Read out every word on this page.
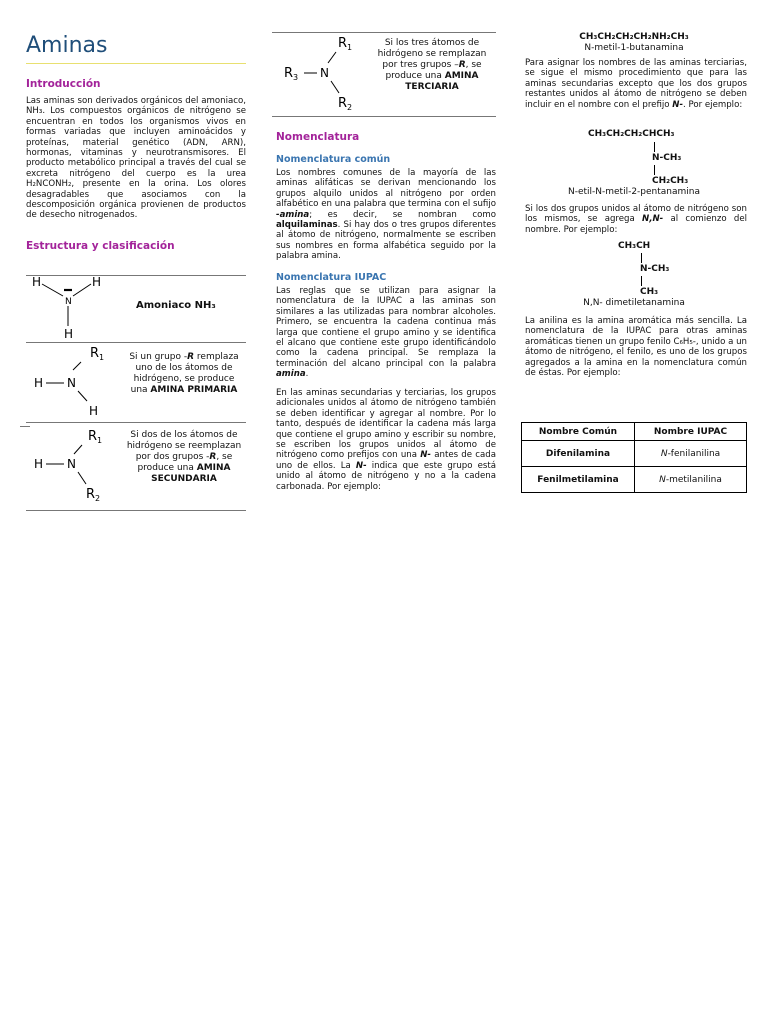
Aminas
Introducción

Las aminas son derivados orgánicos del amoniaco, NH₃. Los compuestos orgánicos de nitrógeno se encuentran en todos los organismos vivos en formas variadas que incluyen aminoácidos y proteínas, material genético (ADN, ARN), hormonas, vitaminas y neurotransmisores. El producto metabólico principal a través del cual se excreta nitrógeno del cuerpo es la urea H₂NCONH₂, presente en la orina. Los olores desagradables que asociamos con la descomposición orgánica provienen de productos de desecho nitrogenados.

Estructura y clasificación
H	H
N
H
Amoniaco NH₃
$R_1$
H N
H
Si un grupo -R remplaza uno de los átomos de hidrógeno, se produce una AMINA PRIMARIA
$R_1$
H N
$R_2$
Si dos de los átomos de hidrógeno se reemplazan por dos grupos -R, se produce una AMINA SECUNDARIA
$R_1$
$R_3$ N
$R_2$
Si los tres átomos de hidrógeno se remplazan por tres grupos –R, se produce una AMINA TERCIARIA
Nomenclatura
Nomenclatura común

Los nombres comunes de la mayoría de las aminas alifáticas se derivan mencionando los grupos alquilo unidos al nitrógeno por orden alfabético en una palabra que termina con el sufijo -amina; es decir, se nombran como alquilaminas. Si hay dos o tres grupos diferentes al átomo de nitrógeno, normalmente se escriben sus nombres en forma alfabética seguido por la palabra amina.

Nomenclatura IUPAC

Las reglas que se utilizan para asignar la nomenclatura de la IUPAC a las aminas son similares a las utilizadas para nombrar alcoholes. Primero, se encuentra la cadena continua más larga que contiene el grupo amino y se identifica el alcano que contiene este grupo identificándolo como la cadena principal. Se remplaza la terminación del alcano principal con la palabra amina.

En las aminas secundarias y terciarias, los grupos adicionales unidos al átomo de nitrógeno también se deben identificar y agregar al nombre. Por lo tanto, después de identificar la cadena más larga que contiene el grupo amino y escribir su nombre, se escriben los grupos unidos al átomo de nitrógeno como prefijos con una N- antes de cada uno de ellos. La N- indica que este grupo está unido al átomo de nitrógeno y no a la cadena carbonada. Por ejemplo:

CH₃CH₂CH₂CH₂NH₂CH₃
N-metil-1-butanamina

Para asignar los nombres de las aminas terciarias, se sigue el mismo procedimiento que para las aminas secundarias excepto que los dos grupos restantes unidos al átomo de nitrógeno se deben incluir en el nombre con el prefijo N-. Por ejemplo:

CH₃CH₂CH₂CHCH₃
N-CH₃
CH₂CH₃
N-etil-N-metil-2-pentanamina

Si los dos grupos unidos al átomo de nitrógeno son los mismos, se agrega N,N- al comienzo del nombre. Por ejemplo:

CH₃CH
N-CH₃
CH₃
N,N- dimetiletanamina

La anilina es la amina aromática más sencilla. La nomenclatura de la IUPAC para otras aminas aromáticas tienen un grupo fenilo C₆H₅-, unido a un átomo de nitrógeno, el fenilo, es uno de los grupos agregados a la amina en la nomenclatura común de éstas. Por ejemplo:

Nombre Común	Nombre IUPAC
Difenilamina	N-fenilanilina
Fenilmetilamina	N-metilanilina
